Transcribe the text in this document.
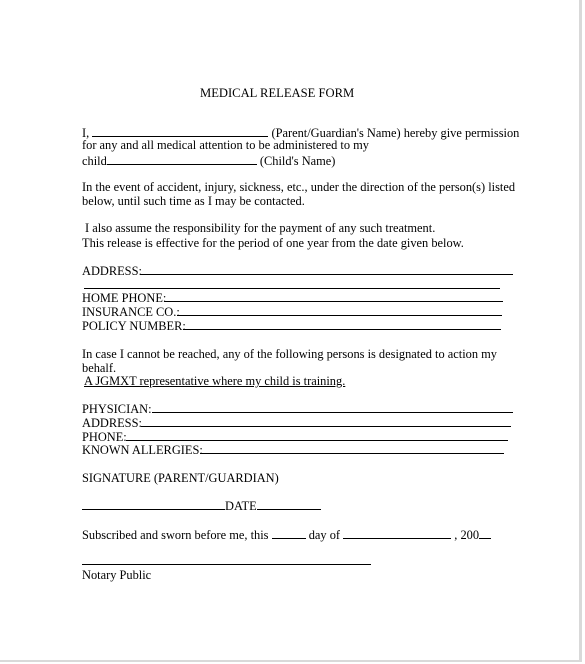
MEDICAL RELEASE FORM
I,	(Parent/Guardian's Name) hereby give permission
for any and all medical attention to be administered to my
child	(Child's Name)
In the event of accident, injury, sickness, etc., under the direction of the person(s) listed
below, until such time as I may be contacted.
I also assume the responsibility for the payment of any such treatment.
This release is effective for the period of one year from the date given below.
ADDRESS:
HOME PHONE:
INSURANCE CO.:
POLICY NUMBER:
In case I cannot be reached, any of the following persons is designated to action my
behalf.
A JGMXT representative where my child is training.
PHYSICIAN:
ADDRESS:
PHONE:
KNOWN ALLERGIES:
SIGNATURE (PARENT/GUARDIAN)
DATE
Subscribed and sworn before me, this	day of	, 200
Notary Public
